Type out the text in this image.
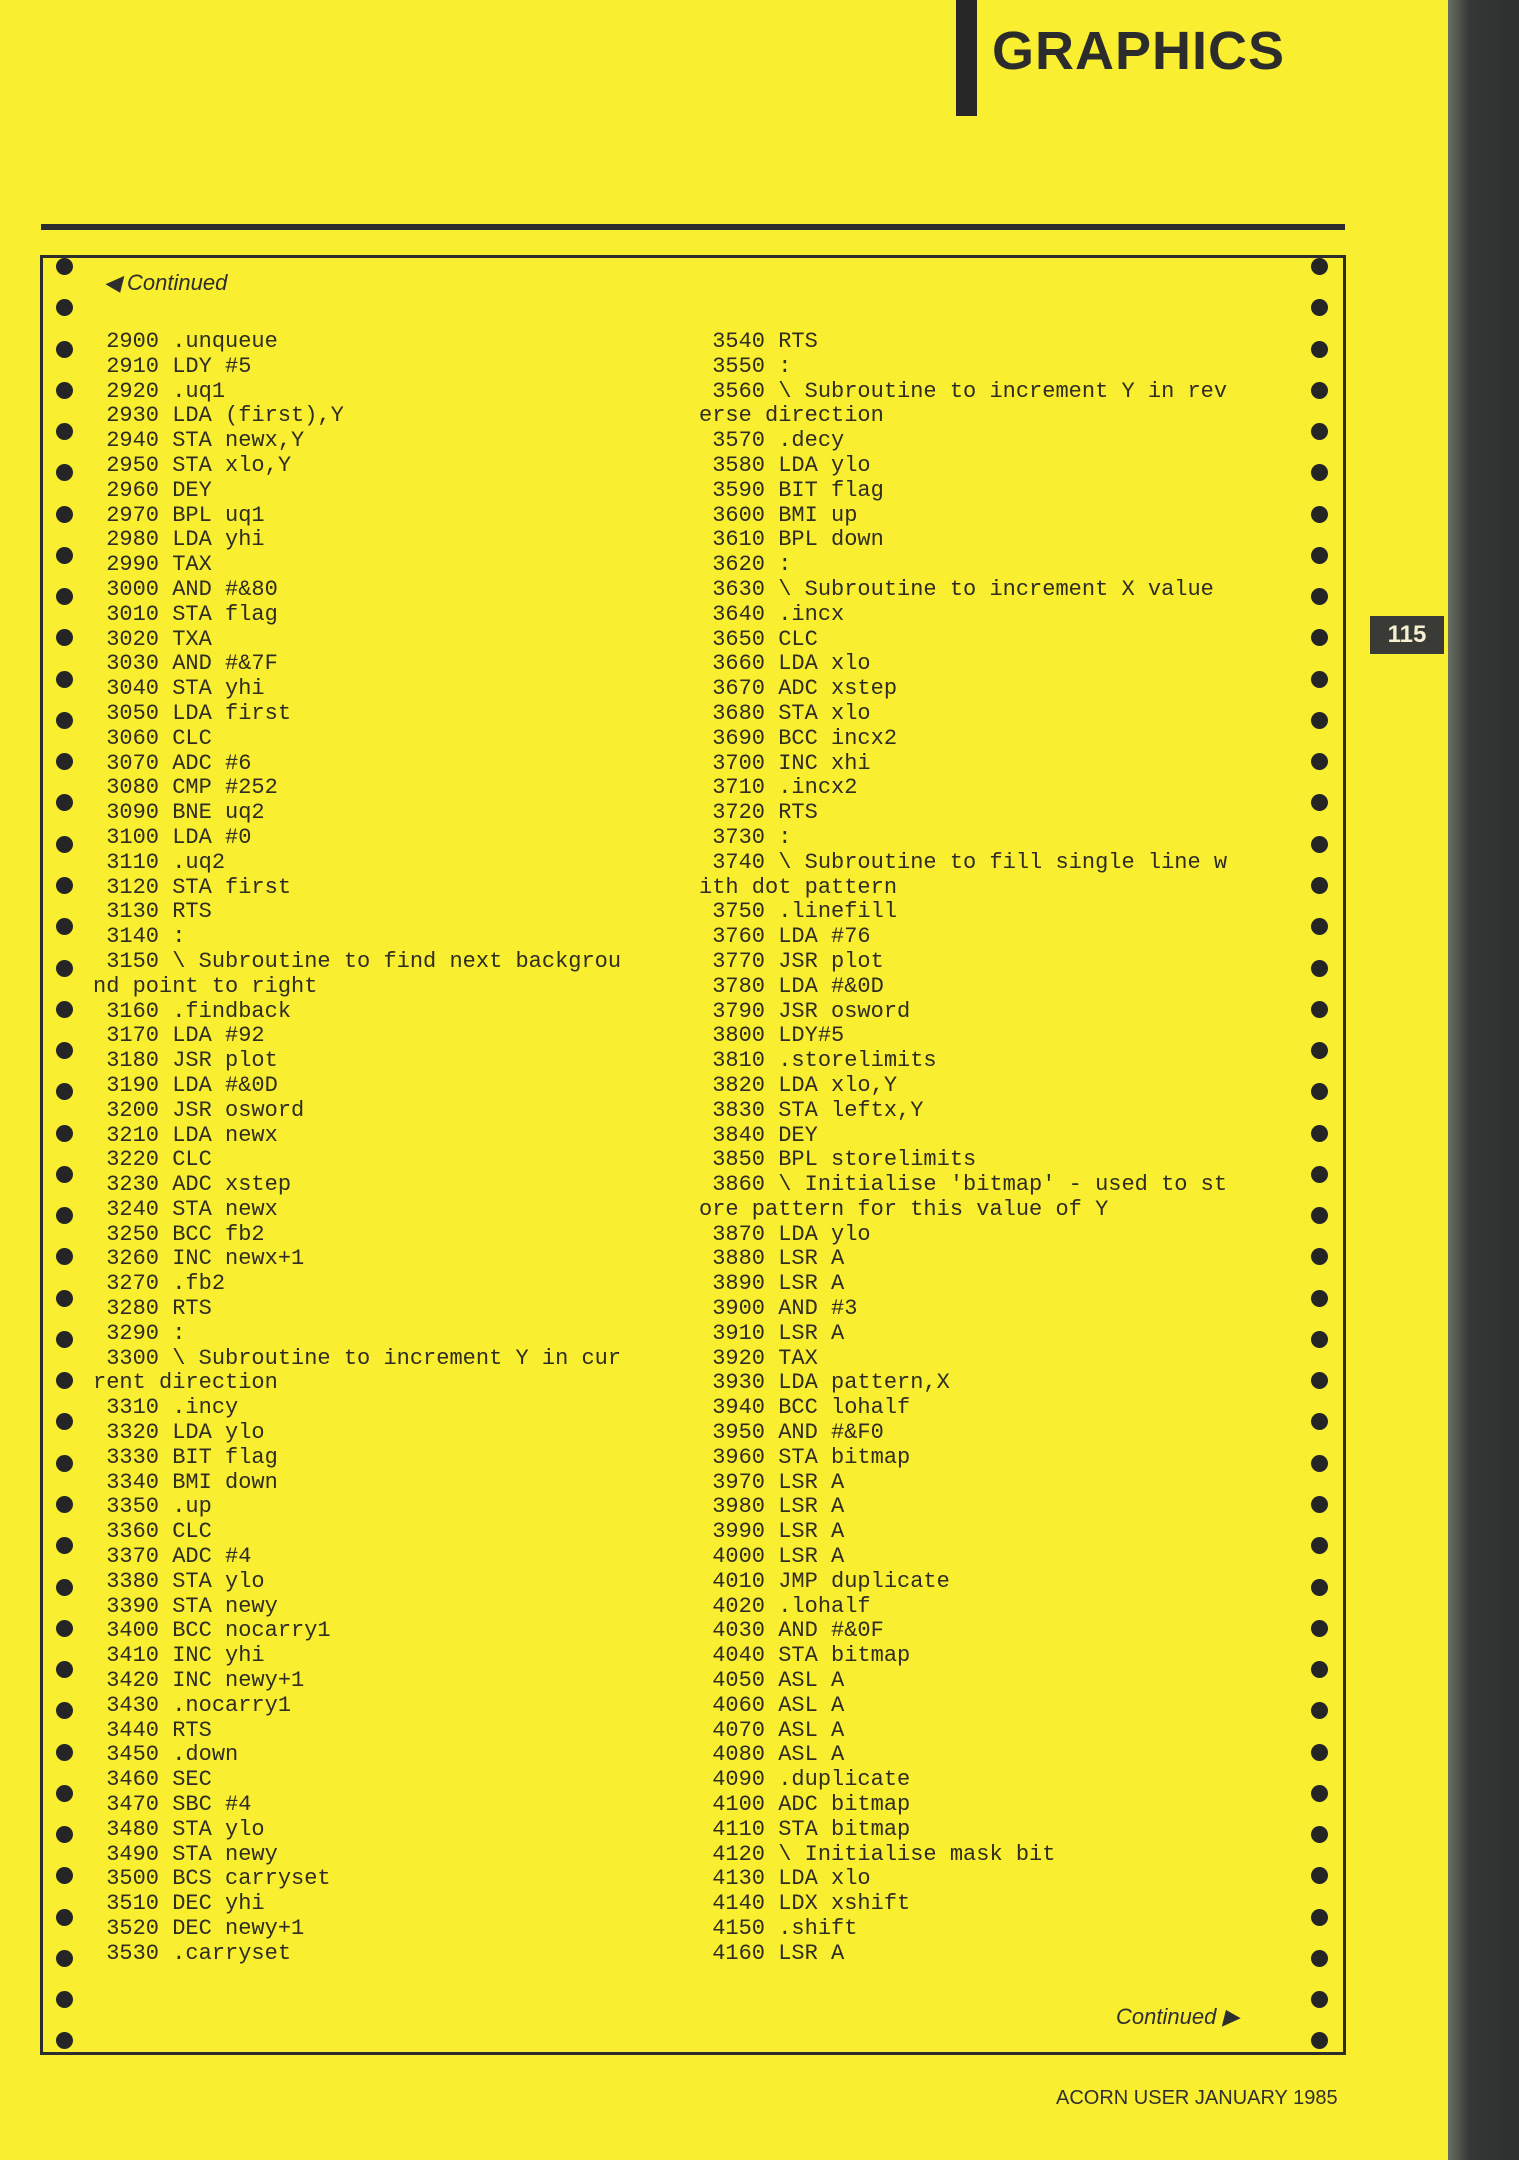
GRAPHICS
◀ Continued
2900 .unqueue
2910 LDY #5
2920 .uq1
2930 LDA (first),Y
2940 STA newx,Y
2950 STA xlo,Y
2960 DEY
2970 BPL uq1
2980 LDA yhi
2990 TAX
3000 AND #&80
3010 STA flag
3020 TXA
3030 AND #&7F
3040 STA yhi
3050 LDA first
3060 CLC
3070 ADC #6
3080 CMP #252
3090 BNE uq2
3100 LDA #0
3110 .uq2
3120 STA first
3130 RTS
3140 :
3150 \ Subroutine to find next backgrou
nd point to right
3160 .findback
3170 LDA #92
3180 JSR plot
3190 LDA #&0D
3200 JSR osword
3210 LDA newx
3220 CLC
3230 ADC xstep
3240 STA newx
3250 BCC fb2
3260 INC newx+1
3270 .fb2
3280 RTS
3290 :
3300 \ Subroutine to increment Y in cur
rent direction
3310 .incy
3320 LDA ylo
3330 BIT flag
3340 BMI down
3350 .up
3360 CLC
3370 ADC #4
3380 STA ylo
3390 STA newy
3400 BCC nocarry1
3410 INC yhi
3420 INC newy+1
3430 .nocarry1
3440 RTS
3450 .down
3460 SEC
3470 SBC #4
3480 STA ylo
3490 STA newy
3500 BCS carryset
3510 DEC yhi
3520 DEC newy+1
3530 .carryset
3540 RTS
3550 :
3560 \ Subroutine to increment Y in rev
erse direction
3570 .decy
3580 LDA ylo
3590 BIT flag
3600 BMI up
3610 BPL down
3620 :
3630 \ Subroutine to increment X value
3640 .incx
3650 CLC
3660 LDA xlo
3670 ADC xstep
3680 STA xlo
3690 BCC incx2
3700 INC xhi
3710 .incx2
3720 RTS
3730 :
3740 \ Subroutine to fill single line w
ith dot pattern
3750 .linefill
3760 LDA #76
3770 JSR plot
3780 LDA #&0D
3790 JSR osword
3800 LDY#5
3810 .storelimits
3820 LDA xlo,Y
3830 STA leftx,Y
3840 DEY
3850 BPL storelimits
3860 \ Initialise 'bitmap' - used to st
ore pattern for this value of Y
3870 LDA ylo
3880 LSR A
3890 LSR A
3900 AND #3
3910 LSR A
3920 TAX
3930 LDA pattern,X
3940 BCC lohalf
3950 AND #&F0
3960 STA bitmap
3970 LSR A
3980 LSR A
3990 LSR A
4000 LSR A
4010 JMP duplicate
4020 .lohalf
4030 AND #&0F
4040 STA bitmap
4050 ASL A
4060 ASL A
4070 ASL A
4080 ASL A
4090 .duplicate
4100 ADC bitmap
4110 STA bitmap
4120 \ Initialise mask bit
4130 LDA xlo
4140 LDX xshift
4150 .shift
4160 LSR A
Continued ▶
115
ACORN USER JANUARY 1985
